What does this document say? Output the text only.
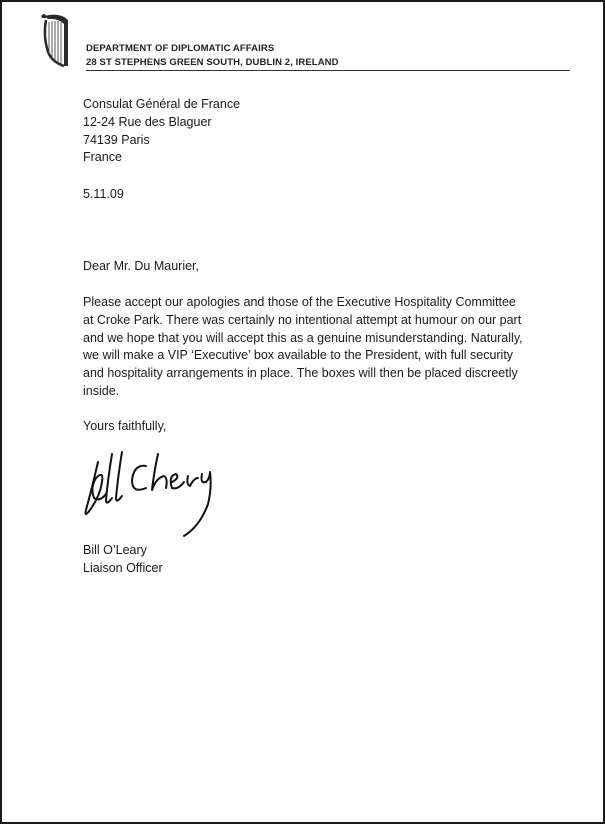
DEPARTMENT OF DIPLOMATIC AFFAIRS
28 ST STEPHENS GREEN SOUTH, DUBLIN 2, IRELAND
Consulat Général de France
12-24 Rue des Blaguer
74139 Paris
France
5.11.09
Dear Mr. Du Maurier,

Please accept our apologies and those of the Executive Hospitality Committee

at Croke Park. There was certainly no intentional attempt at humour on our part

and we hope that you will accept this as a genuine misunderstanding. Naturally,

we will make a VIP ‘Executive’ box available to the President, with full security

and hospitality arrangements in place. The boxes will then be placed discreetly

inside.

Yours faithfully,
Bill O’Leary
Liaison Officer
